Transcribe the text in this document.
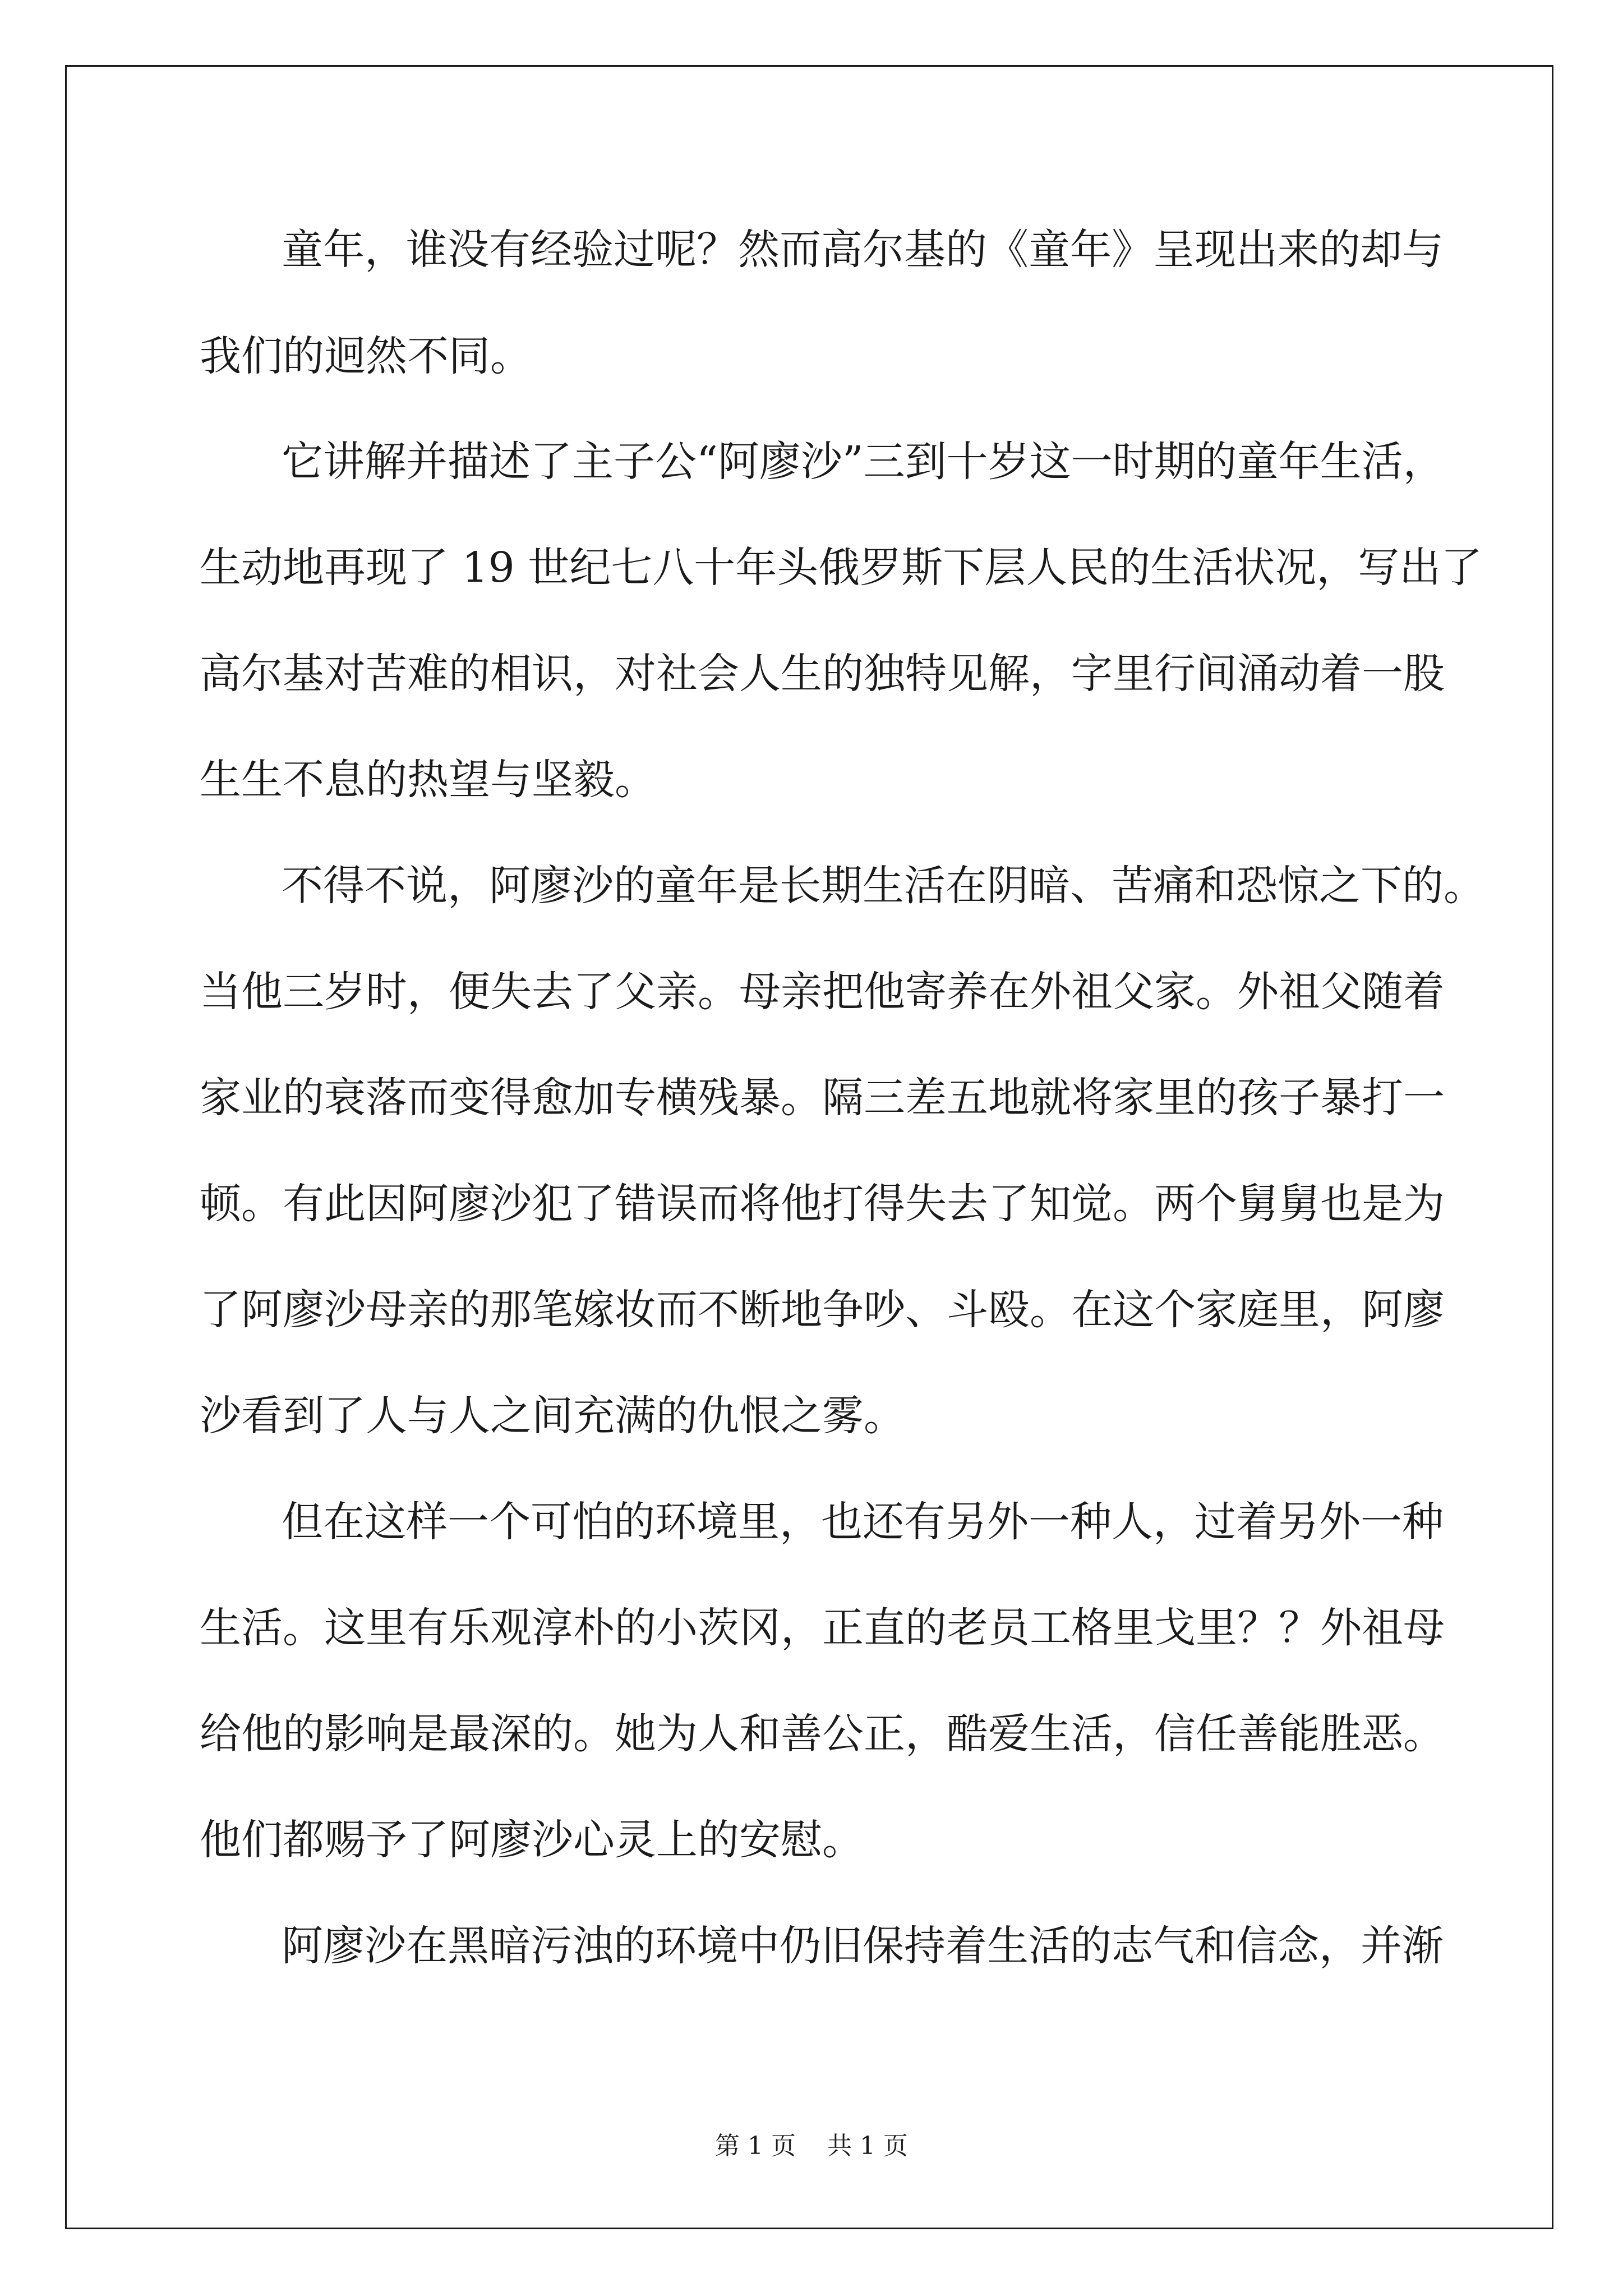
童年，谁没有经验过呢？然而高尔基的《童年》呈现出来的却与
我们的迥然不同。
它讲解并描述了主子公“阿廖沙”三到十岁这一时期的童年生活，
生动地再现了 19 世纪七八十年头俄罗斯下层人民的生活状况，写出了
高尔基对苦难的相识，对社会人生的独特见解，字里行间涌动着一股
生生不息的热望与坚毅。
不得不说，阿廖沙的童年是长期生活在阴暗、苦痛和恐惊之下的。
当他三岁时，便失去了父亲。母亲把他寄养在外祖父家。外祖父随着
家业的衰落而变得愈加专横残暴。隔三差五地就将家里的孩子暴打一
顿。有此因阿廖沙犯了错误而将他打得失去了知觉。两个舅舅也是为
了阿廖沙母亲的那笔嫁妆而不断地争吵、斗殴。在这个家庭里，阿廖
沙看到了人与人之间充满的仇恨之雾。
但在这样一个可怕的环境里，也还有另外一种人，过着另外一种
生活。这里有乐观淳朴的小茨冈，正直的老员工格里戈里？？外祖母
给他的影响是最深的。她为人和善公正，酷爱生活，信任善能胜恶。
他们都赐予了阿廖沙心灵上的安慰。
阿廖沙在黑暗污浊的环境中仍旧保持着生活的志气和信念，并渐
第 1 页    共 1 页
